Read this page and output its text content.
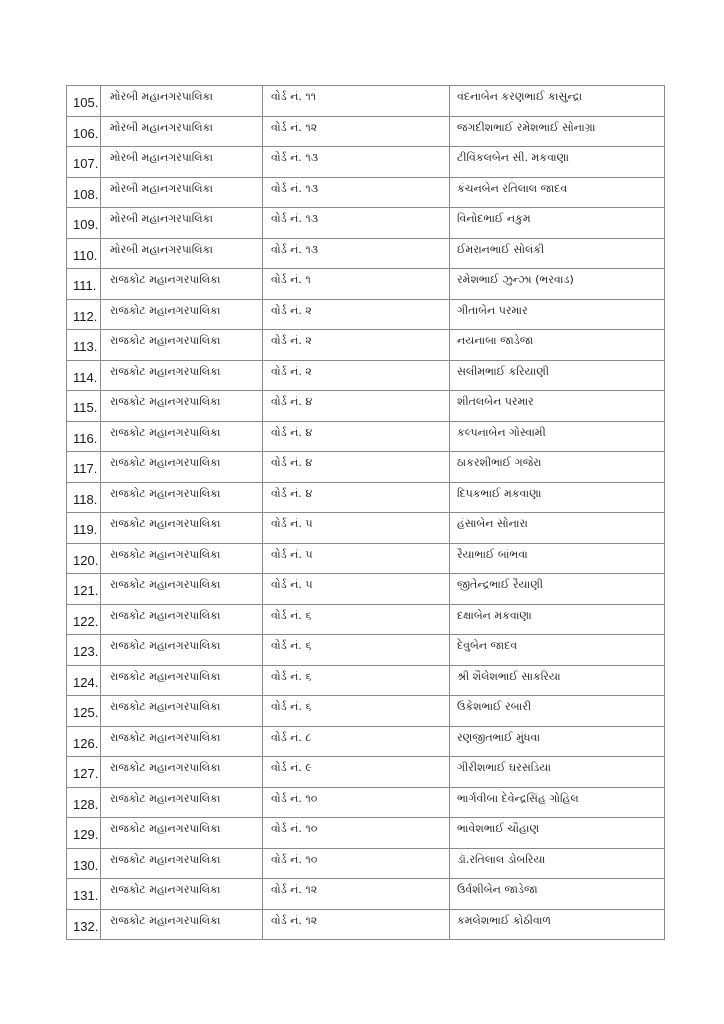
105.	મોરબી મહાનગરપાલિકા	વોર્ડ નં. ૧૧	વંદનાબેન કરણભાઈ કાસુન્દ્રા

106.	મોરબી મહાનગરપાલિકા	વોર્ડ નં. ૧૨	જગદીશભાઈ રમેશભાઈ સોનાગ્રા

107.	મોરબી મહાનગરપાલિકા	વોર્ડ નં. ૧૩	ટીવિંકલબેન સી. મકવાણા

108.	મોરબી મહાનગરપાલિકા	વોર્ડ નં. ૧૩	કંચનબેન રતિલાલ જાદવ

109.	મોરબી મહાનગરપાલિકા	વોર્ડ નં. ૧૩	વિનોદભાઈ નકુમ

110.	મોરબી મહાનગરપાલિકા	વોર્ડ નં. ૧૩	ઈમરાનભાઈ સોલંકી

111.	રાજકોટ મહાનગરપાલિકા	વોર્ડ નં. ૧	રમેશભાઈ ઝુન્ઝા (ભરવાડ)

112.	રાજકોટ મહાનગરપાલિકા	વોર્ડ નં. ૨	ગીતાબેન પરમાર

113.	રાજકોટ મહાનગરપાલિકા	વોર્ડ નં. ૨	નયનાબા જાડેજા

114.	રાજકોટ મહાનગરપાલિકા	વોર્ડ નં. ૨	સલીમભાઈ કરિયાણી

115.	રાજકોટ મહાનગરપાલિકા	વોર્ડ નં. ૪	શીતલબેન પરમાર

116.	રાજકોટ મહાનગરપાલિકા	વોર્ડ નં. ૪	કલ્પનાબેન ગોસ્વામી

117.	રાજકોટ મહાનગરપાલિકા	વોર્ડ નં. ૪	ઠાકરશીભાઈ ગજેરા

118.	રાજકોટ મહાનગરપાલિકા	વોર્ડ નં. ૪	દિપકભાઈ મકવાણા

119.	રાજકોટ મહાનગરપાલિકા	વોર્ડ નં. ૫	હંસાબેન સોનારા

120.	રાજકોટ મહાનગરપાલિકા	વોર્ડ નં. ૫	રૈયાભાઈ બાંભવા

121.	રાજકોટ મહાનગરપાલિકા	વોર્ડ નં. ૫	જીતેન્દ્રભાઈ રૈયાણી

122.	રાજકોટ મહાનગરપાલિકા	વોર્ડ નં. ૬	દક્ષાબેન મકવાણા

123.	રાજકોટ મહાનગરપાલિકા	વોર્ડ નં. ૬	દેવુબેન જાદવ

124.	રાજકોટ મહાનગરપાલિકા	વોર્ડ નં. ૬	શ્રી શૈલેશભાઈ સાકરિયા

125.	રાજકોટ મહાનગરપાલિકા	વોર્ડ નં. ૬	ઉકેશભાઈ રબારી

126.	રાજકોટ મહાનગરપાલિકા	વોર્ડ નં. ૮	રણજીતભાઈ મુંધવા

127.	રાજકોટ મહાનગરપાલિકા	વોર્ડ નં. ૯	ગીરીશભાઈ ઘરસંડિયા

128.	રાજકોટ મહાનગરપાલિકા	વોર્ડ નં. ૧૦	ભાર્ગવીબા દેવેન્દ્રસિંહ ગોહિલ

129.	રાજકોટ મહાનગરપાલિકા	વોર્ડ નં. ૧૦	ભાવેશભાઈ ચૌહાણ

130.	રાજકોટ મહાનગરપાલિકા	વોર્ડ નં. ૧૦	ડૉ.રતિલાલ ડોબરિયા

131.	રાજકોટ મહાનગરપાલિકા	વોર્ડ નં. ૧૨	ઉર્વશીબેન જાડેજા

132.	રાજકોટ મહાનગરપાલિકા	વોર્ડ નં. ૧૨	કમલેશભાઈ કોઠીવાળ
